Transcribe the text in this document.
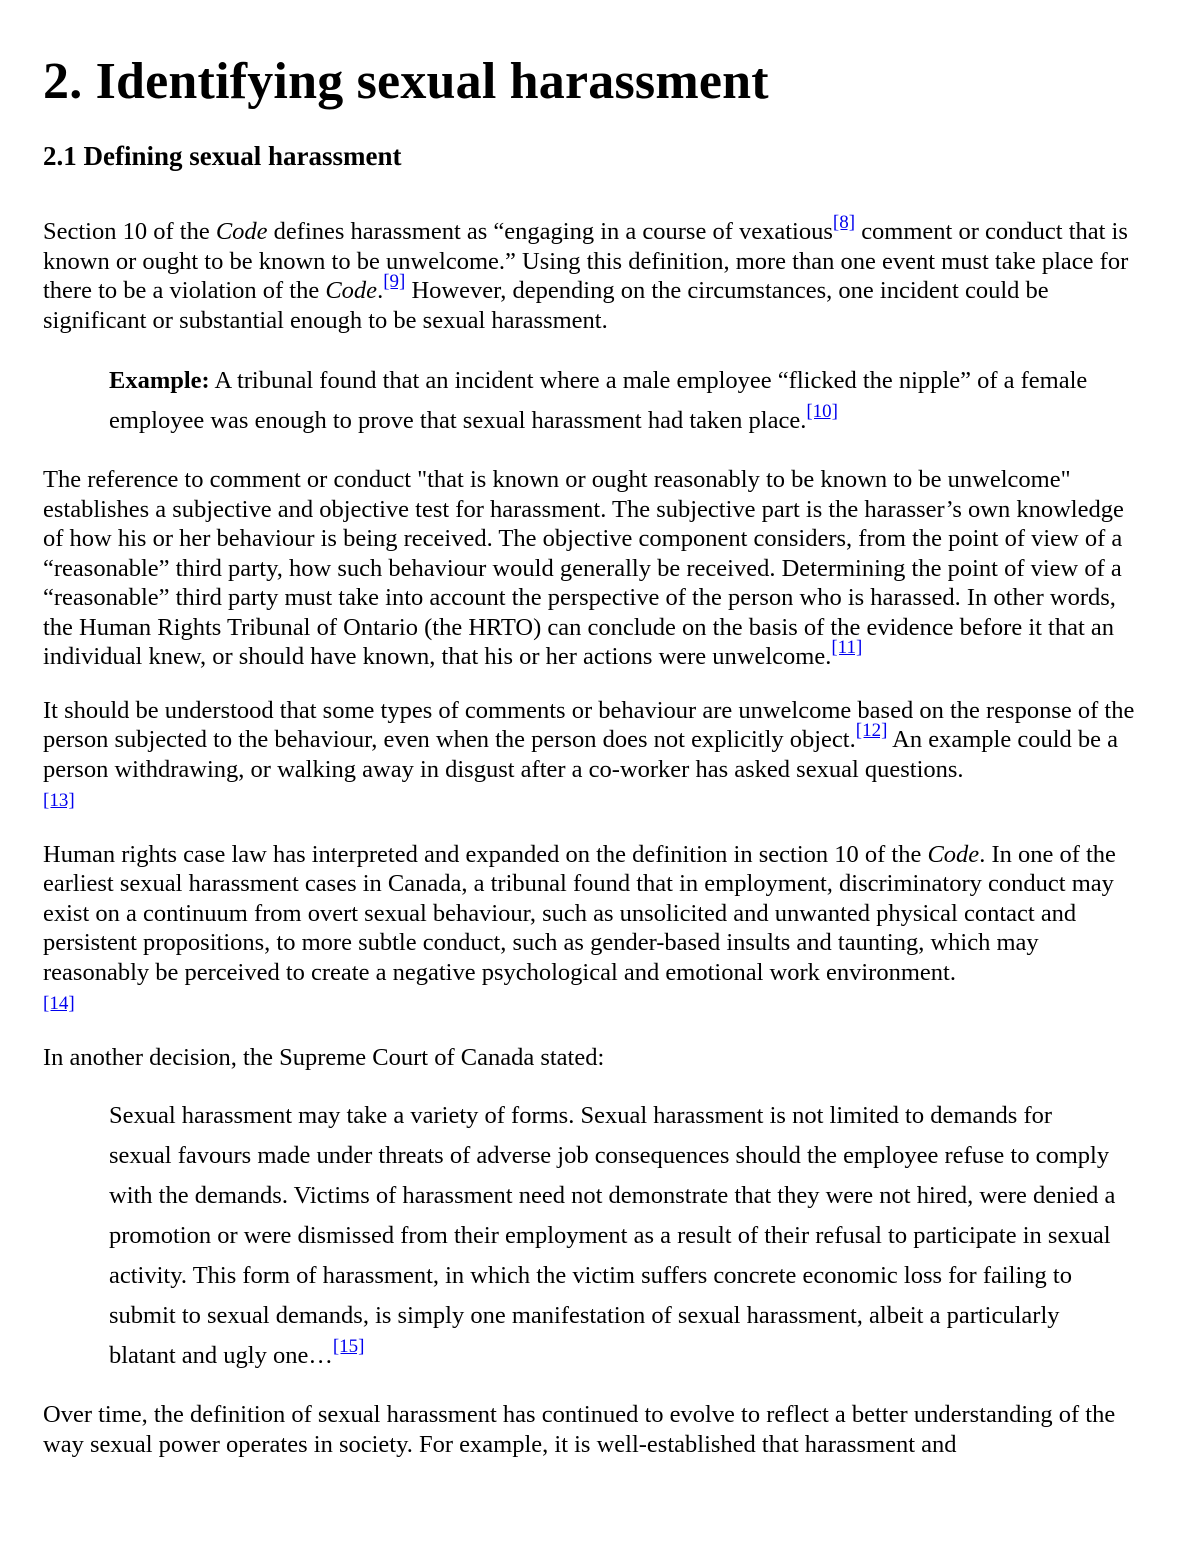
2. Identifying sexual harassment
2.1 Defining sexual harassment

Section 10 of the Code defines harassment as “engaging in a course of vexatious[8] comment or conduct that is known or ought to be known to be unwelcome.” Using this definition, more than one event must take place for there to be a violation of the Code.[9] However, depending on the circumstances, one incident could be significant or substantial enough to be sexual harassment.

Example: A tribunal found that an incident where a male employee “flicked the nipple” of a female employee was enough to prove that sexual harassment had taken place.[10]

The reference to comment or conduct "that is known or ought reasonably to be known to be unwelcome" establishes a subjective and objective test for harassment. The subjective part is the harasser’s own knowledge of how his or her behaviour is being received. The objective component considers, from the point of view of a “reasonable” third party, how such behaviour would generally be received. Determining the point of view of a “reasonable” third party must take into account the perspective of the person who is harassed. In other words, the Human Rights Tribunal of Ontario (the HRTO) can conclude on the basis of the evidence before it that an individual knew, or should have known, that his or her actions were unwelcome.[11]

It should be understood that some types of comments or behaviour are unwelcome based on the response of the person subjected to the behaviour, even when the person does not explicitly object.[12] An example could be a person withdrawing, or walking away in disgust after a co-worker has asked sexual questions.
[13]

Human rights case law has interpreted and expanded on the definition in section 10 of the Code. In one of the earliest sexual harassment cases in Canada, a tribunal found that in employment, discriminatory conduct may exist on a continuum from overt sexual behaviour, such as unsolicited and unwanted physical contact and persistent propositions, to more subtle conduct, such as gender-based insults and taunting, which may reasonably be perceived to create a negative psychological and emotional work environment.
[14]

In another decision, the Supreme Court of Canada stated:

Sexual harassment may take a variety of forms. Sexual harassment is not limited to demands for sexual favours made under threats of adverse job consequences should the employee refuse to comply with the demands. Victims of harassment need not demonstrate that they were not hired, were denied a promotion or were dismissed from their employment as a result of their refusal to participate in sexual activity. This form of harassment, in which the victim suffers concrete economic loss for failing to submit to sexual demands, is simply one manifestation of sexual harassment, albeit a particularly blatant and ugly one…[15]

Over time, the definition of sexual harassment has continued to evolve to reflect a better understanding of the way sexual power operates in society. For example, it is well-established that harassment and
